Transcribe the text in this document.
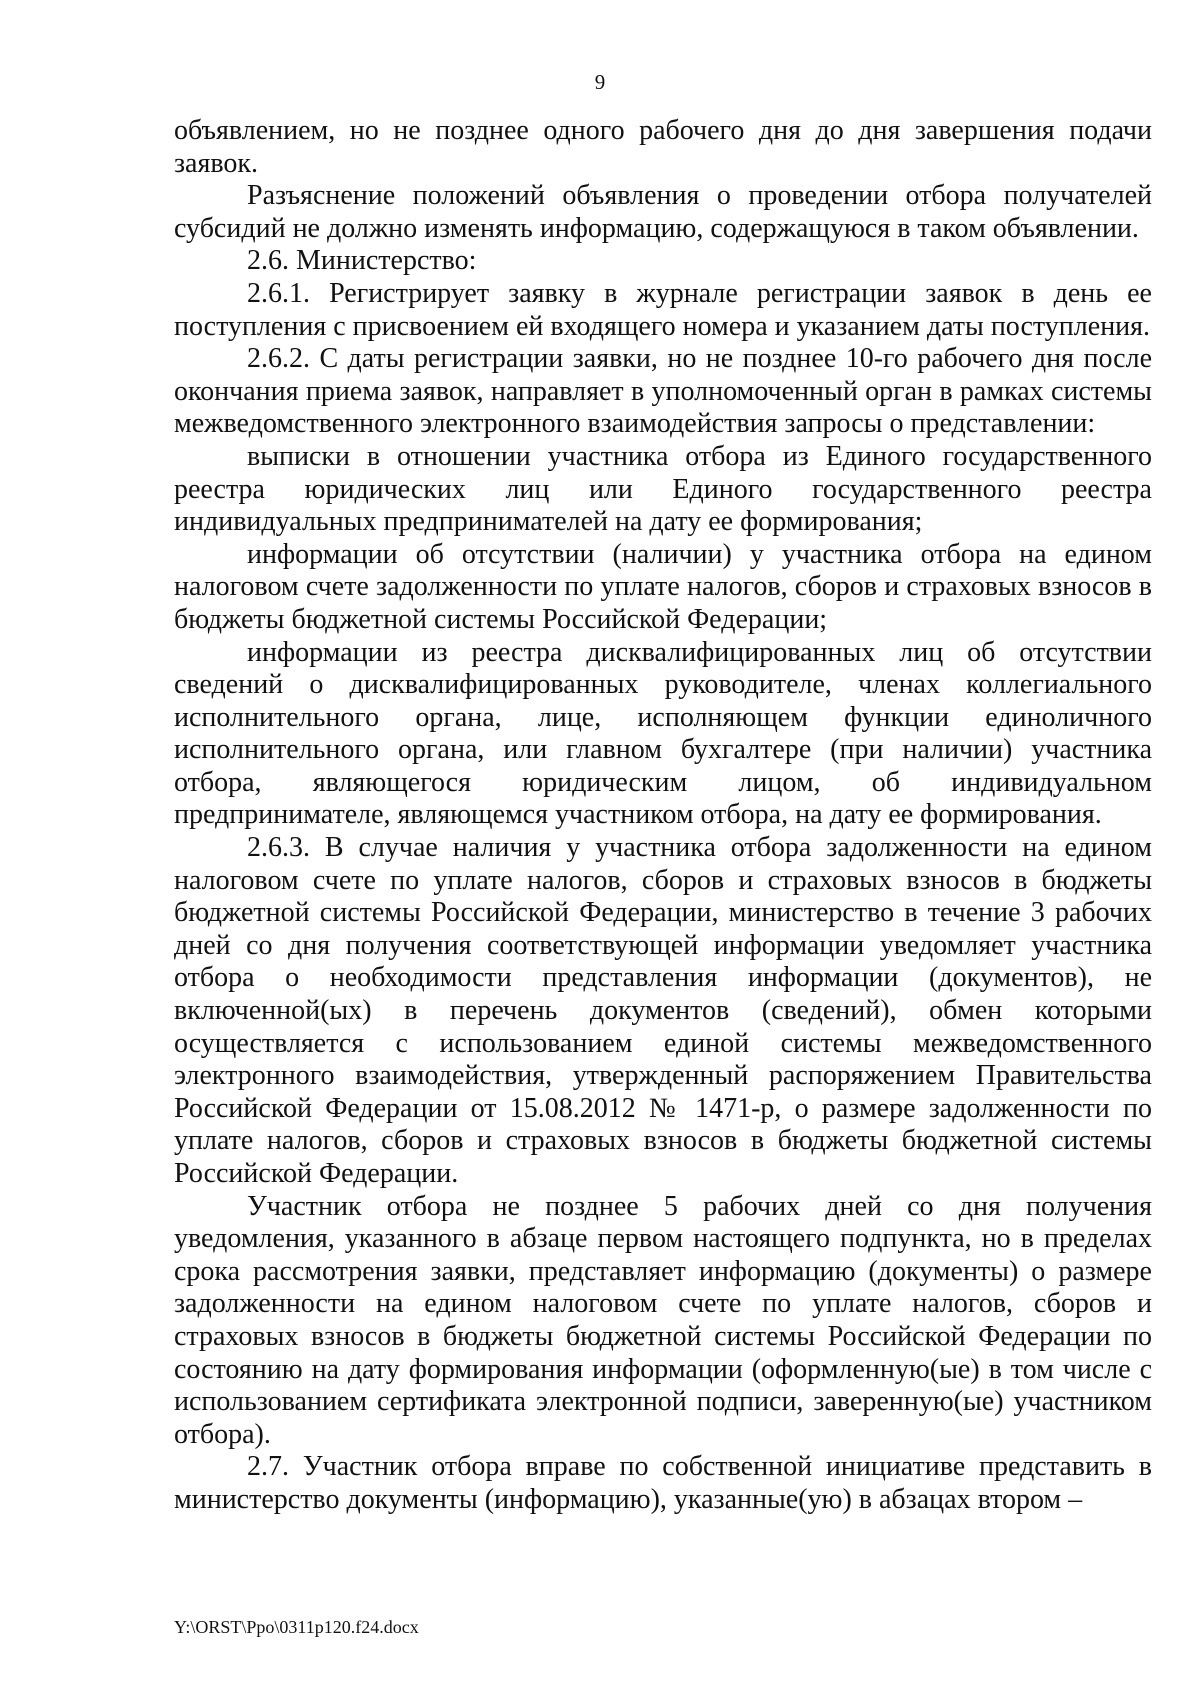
9

объявлением, но не позднее одного рабочего дня до дня завершения подачи заявок.

Разъяснение положений объявления о проведении отбора получателей субсидий не должно изменять информацию, содержащуюся в таком объявлении.

2.6. Министерство:

2.6.1. Регистрирует заявку в журнале регистрации заявок в день ее поступления с присвоением ей входящего номера и указанием даты поступления.

2.6.2. С даты регистрации заявки, но не позднее 10-го рабочего дня после окончания приема заявок, направляет в уполномоченный орган в рамках системы межведомственного электронного взаимодействия запросы о представлении:

выписки в отношении участника отбора из Единого государственного реестра юридических лиц или Единого государственного реестра индивидуальных предпринимателей на дату ее формирования;

информации об отсутствии (наличии) у участника отбора на едином налоговом счете задолженности по уплате налогов, сборов и страховых взносов в бюджеты бюджетной системы Российской Федерации;

информации из реестра дисквалифицированных лиц об отсутствии сведений о дисквалифицированных руководителе, членах коллегиального исполнительного органа, лице, исполняющем функции единоличного исполнительного органа, или главном бухгалтере (при наличии) участника отбора, являющегося юридическим лицом, об индивидуальном предпринимателе, являющемся участником отбора, на дату ее формирования.

2.6.3. В случае наличия у участника отбора задолженности на едином налоговом счете по уплате налогов, сборов и страховых взносов в бюджеты бюджетной системы Российской Федерации, министерство в течение 3 рабочих дней со дня получения соответствующей информации уведомляет участника отбора о необходимости представления информации (документов), не включенной(ых) в перечень документов (сведений), обмен которыми осуществляется с использованием единой системы межведомственного электронного взаимодействия, утвержденный распоряжением Правительства Российской Федерации от 15.08.2012 № 1471-р, о размере задолженности по уплате налогов, сборов и страховых взносов в бюджеты бюджетной системы Российской Федерации.

Участник отбора не позднее 5 рабочих дней со дня получения уведомления, указанного в абзаце первом настоящего подпункта, но в пределах срока рассмотрения заявки, представляет информацию (документы) о размере задолженности на едином налоговом счете по уплате налогов, сборов и страховых взносов в бюджеты бюджетной системы Российской Федерации по состоянию на дату формирования информации (оформленную(ые) в том числе с использованием сертификата электронной подписи, заверенную(ые) участником отбора).

2.7. Участник отбора вправе по собственной инициативе представить в министерство документы (информацию), указанные(ую) в абзацах втором –

Y:\ORST\Ppo\0311p120.f24.docx
